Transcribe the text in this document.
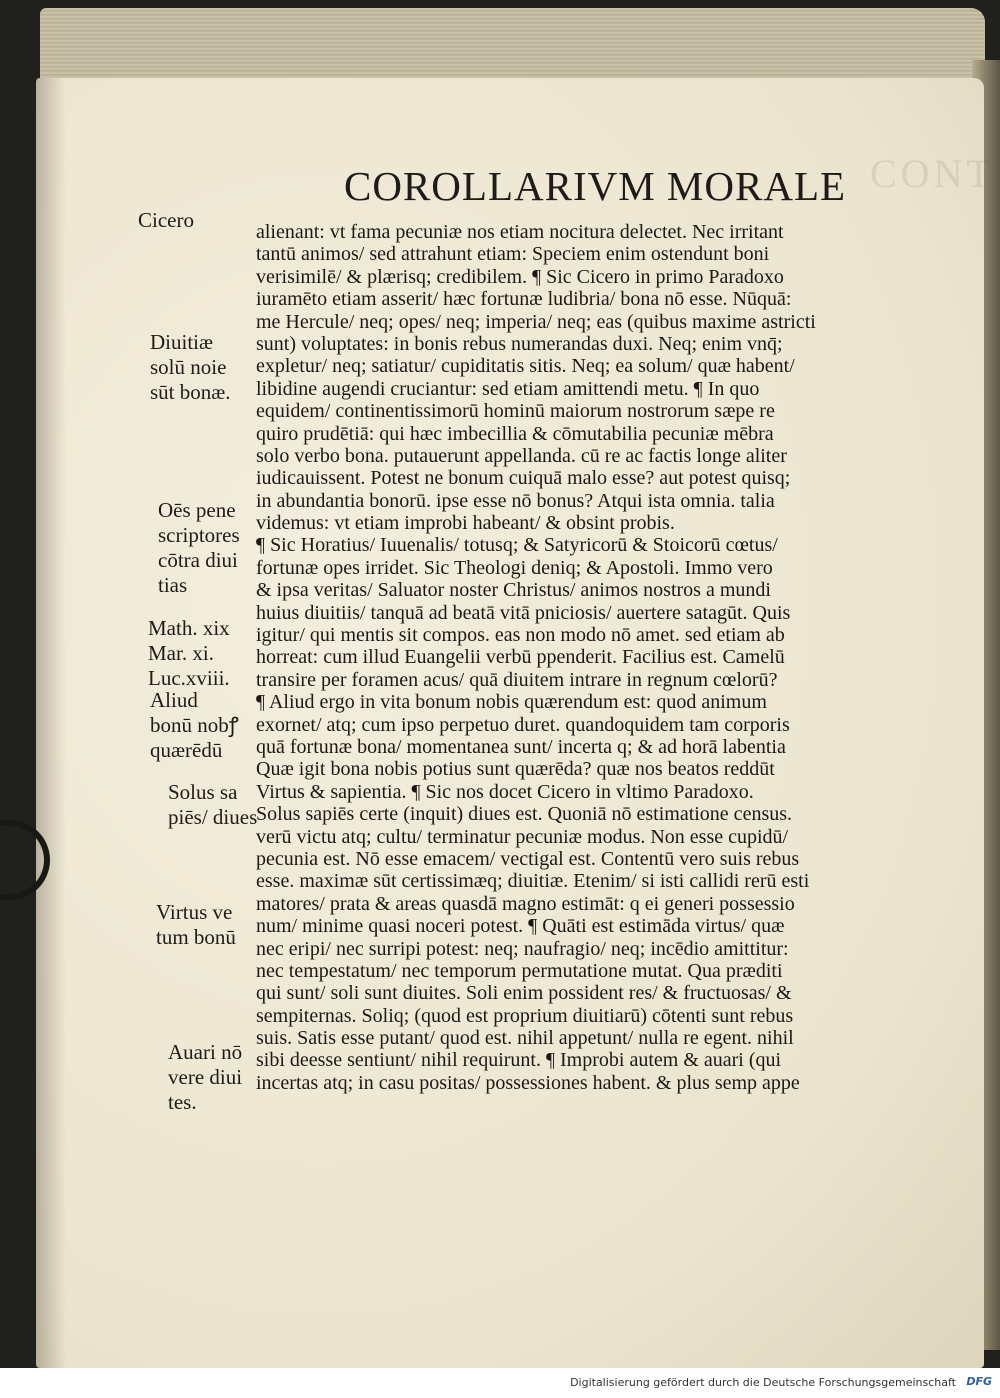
CONT
COROLLARIVM MORALE
Cicero
Diuitiæ
solū noie
sūt bonæ.
Oēs pene
scriptores
cōtra diui
tias
Math. xix
Mar. xi.
Luc.xviii.
Aliud
bonū nobꝭ
quærēdū
Solus sa
piēs/ diues
Virtus ve
tum bonū
Auari nō
vere diui
tes.
alienant: vt fama pecuniæ nos etiam nocitura delectet. Nec irritant
tantū animos/ sed attrahunt etiam: Speciem enim ostendunt boni
verisimilē/ & plærisq; credibilem. ¶ Sic Cicero in primo Paradoxo
iuramēto etiam asserit/ hæc fortunæ ludibria/ bona nō esse. Nūquā:
me Hercule/ neq; opes/ neq; imperia/ neq; eas (quibus maxime astricti
sunt) voluptates: in bonis rebus numerandas duxi. Neq; enim vnq̄;
expletur/ neq; satiatur/ cupiditatis sitis. Neq; ea solum/ quæ habent/
libidine augendi cruciantur: sed etiam amittendi metu. ¶ In quo
equidem/ continentissimorū hominū maiorum nostrorum sæpe re
quiro prudētiā: qui hæc imbecillia & cōmutabilia pecuniæ mēbra
solo verbo bona. putauerunt appellanda. cū re ac factis longe aliter
iudicauissent. Potest ne bonum cuiquā malo esse? aut potest quisq;
in abundantia bonorū. ipse esse nō bonus? Atqui ista omnia. talia
videmus: vt etiam improbi habeant/ & obsint probis.
¶ Sic Horatius/ Iuuenalis/ totusq; & Satyricorū & Stoicorū cœtus/
fortunæ opes irridet. Sic Theologi deniq; & Apostoli. Immo vero
& ipsa veritas/ Saluator noster Christus/ animos nostros a mundi
huius diuitiis/ tanquā ad beatā vitā pniciosis/ auertere satagūt. Quis
igitur/ qui mentis sit compos. eas non modo nō amet. sed etiam ab
horreat: cum illud Euangelii verbū ppenderit. Facilius est. Camelū
transire per foramen acus/ quā diuitem intrare in regnum cœlorū?
¶ Aliud ergo in vita bonum nobis quærendum est: quod animum
exornet/ atq; cum ipso perpetuo duret. quandoquidem tam corporis
quā fortunæ bona/ momentanea sunt/ incerta q; & ad horā labentia
Quæ igit bona nobis potius sunt quærēda? quæ nos beatos reddūt
Virtus & sapientia. ¶ Sic nos docet Cicero in vltimo Paradoxo.
Solus sapiēs certe (inquit) diues est. Quoniā nō estimatione census.
verū victu atq; cultu/ terminatur pecuniæ modus. Non esse cupidū/
pecunia est. Nō esse emacem/ vectigal est. Contentū vero suis rebus
esse. maximæ sūt certissimæq; diuitiæ. Etenim/ si isti callidi rerū esti
matores/ prata & areas quasdā magno estimāt: q ei generi possessio
num/ minime quasi noceri potest. ¶ Quāti est estimāda virtus/ quæ
nec eripi/ nec surripi potest: neq; naufragio/ neq; incēdio amittitur:
nec tempestatum/ nec temporum permutatione mutat. Qua præditi
qui sunt/ soli sunt diuites. Soli enim possident res/ & fructuosas/ &
sempiternas. Soliq; (quod est proprium diuitiarū) cōtenti sunt rebus
suis. Satis esse putant/ quod est. nihil appetunt/ nulla re egent. nihil
sibi deesse sentiunt/ nihil requirunt. ¶ Improbi autem & auari (qui
incertas atq; in casu positas/ possessiones habent. & plus semp appe
Digitalisierung gefördert durch die Deutsche Forschungsgemeinschaft DFG
